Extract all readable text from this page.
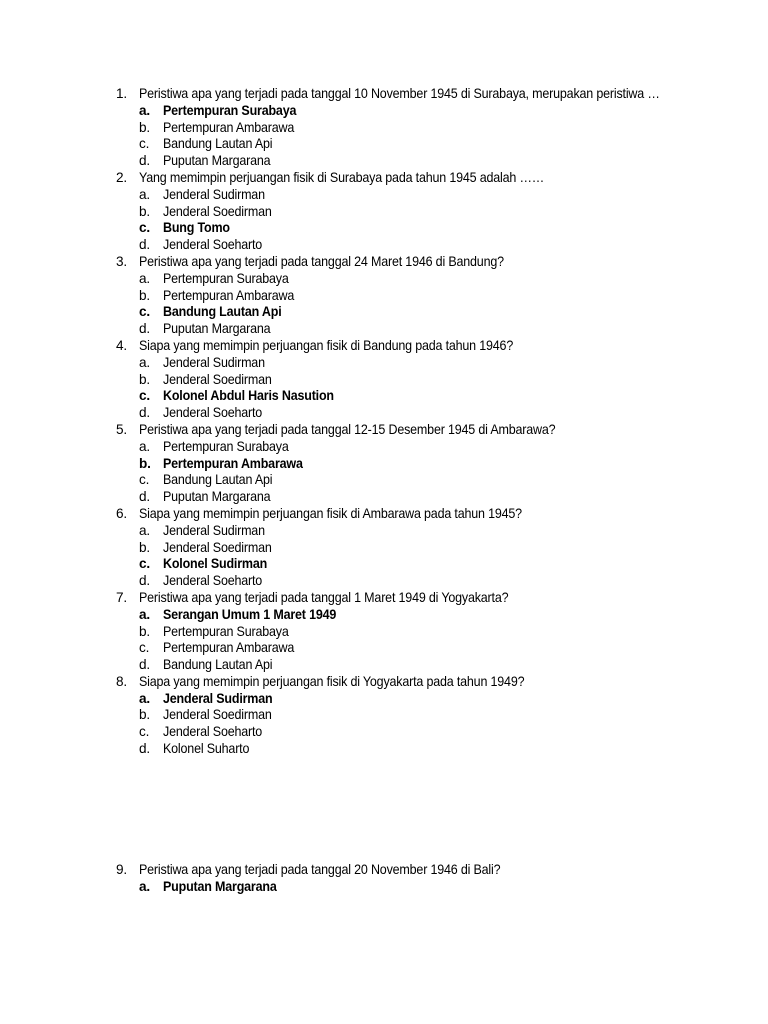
1. Peristiwa apa yang terjadi pada tanggal 10 November 1945 di Surabaya, merupakan peristiwa …
a. Pertempuran Surabaya
b. Pertempuran Ambarawa
c. Bandung Lautan Api
d. Puputan Margarana
2. Yang memimpin perjuangan fisik di Surabaya pada tahun 1945 adalah ……
a. Jenderal Sudirman
b. Jenderal Soedirman
c. Bung Tomo
d. Jenderal Soeharto
3. Peristiwa apa yang terjadi pada tanggal 24 Maret 1946 di Bandung?
a. Pertempuran Surabaya
b. Pertempuran Ambarawa
c. Bandung Lautan Api
d. Puputan Margarana
4. Siapa yang memimpin perjuangan fisik di Bandung pada tahun 1946?
a. Jenderal Sudirman
b. Jenderal Soedirman
c. Kolonel Abdul Haris Nasution
d. Jenderal Soeharto
5. Peristiwa apa yang terjadi pada tanggal 12-15 Desember 1945 di Ambarawa?
a. Pertempuran Surabaya
b. Pertempuran Ambarawa
c. Bandung Lautan Api
d. Puputan Margarana
6. Siapa yang memimpin perjuangan fisik di Ambarawa pada tahun 1945?
a. Jenderal Sudirman
b. Jenderal Soedirman
c. Kolonel Sudirman
d. Jenderal Soeharto
7. Peristiwa apa yang terjadi pada tanggal 1 Maret 1949 di Yogyakarta?
a. Serangan Umum 1 Maret 1949
b. Pertempuran Surabaya
c. Pertempuran Ambarawa
d. Bandung Lautan Api
8. Siapa yang memimpin perjuangan fisik di Yogyakarta pada tahun 1949?
a. Jenderal Sudirman
b. Jenderal Soedirman
c. Jenderal Soeharto
d. Kolonel Suharto
9. Peristiwa apa yang terjadi pada tanggal 20 November 1946 di Bali?
a. Puputan Margarana
